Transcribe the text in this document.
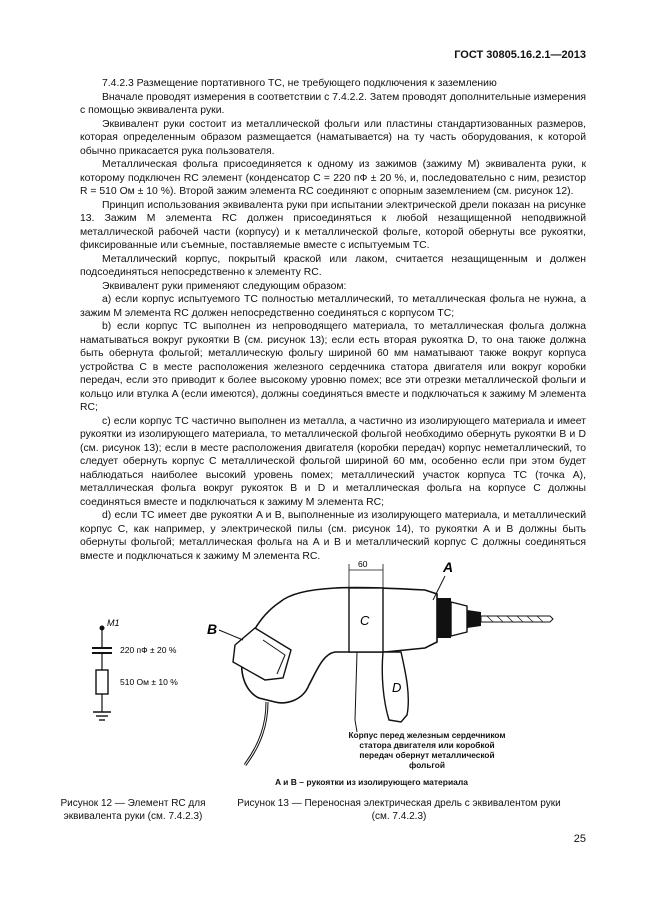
ГОСТ 30805.16.2.1—2013

7.4.2.3 Размещение портативного ТС, не требующего подключения к заземлению

Вначале проводят измерения в соответствии с 7.4.2.2. Затем проводят дополнительные измерения с помощью эквивалента руки.

Эквивалент руки состоит из металлической фольги или пластины стандартизованных размеров, которая определенным образом размещается (наматывается) на ту часть оборудования, к которой обычно прикасается рука пользователя.

Металлическая фольга присоединяется к одному из зажимов (зажиму M) эквивалента руки, к которому подключен RC элемент (конденсатор C = 220 пФ ± 20 %, и, последовательно с ним, резистор R = 510 Ом ± 10 %). Второй зажим элемента RC соединяют с опорным заземлением (см. рисунок 12).

Принцип использования эквивалента руки при испытании электрической дрели показан на рисунке 13. Зажим M элемента RC должен присоединяться к любой незащищенной неподвижной металлической рабочей части (корпусу) и к металлической фольге, которой обернуты все рукоятки, фиксированные или съемные, поставляемые вместе с испытуемым ТС.

Металлический корпус, покрытый краской или лаком, считается незащищенным и должен подсоединяться непосредственно к элементу RC.

Эквивалент руки применяют следующим образом:

a) если корпус испытуемого ТС полностью металлический, то металлическая фольга не нужна, а зажим M элемента RC должен непосредственно соединяться с корпусом ТС;

b) если корпус ТС выполнен из непроводящего материала, то металлическая фольга должна наматываться вокруг рукоятки B (см. рисунок 13); если есть вторая рукоятка D, то она также должна быть обернута фольгой; металлическую фольгу шириной 60 мм наматывают также вокруг корпуса устройства C в месте расположения железного сердечника статора двигателя или вокруг коробки передач, если это приводит к более высокому уровню помех; все эти отрезки металлической фольги и кольцо или втулка A (если имеются), должны соединяться вместе и подключаться к зажиму M элемента RC;

c) если корпус ТС частично выполнен из металла, а частично из изолирующего материала и имеет рукоятки из изолирующего материала, то металлической фольгой необходимо обернуть рукоятки B и D (см. рисунок 13); если в месте расположения двигателя (коробки передач) корпус неметаллический, то следует обернуть корпус C металлической фольгой шириной 60 мм, особенно если при этом будет наблюдаться наиболее высокий уровень помех; металлический участок корпуса ТС (точка A), металлическая фольга вокруг рукояток B и D и металлическая фольга на корпусе C должны соединяться вместе и подключаться к зажиму M элемента RC;

d) если ТС имеет две рукоятки A и B, выполненные из изолирующего материала, и металлический корпус C, как например, у электрической пилы (см. рисунок 14), то рукоятки A и B должны быть обернуты фольгой; металлическая фольга на A и B и металлический корпус C должны соединяться вместе и подключаться к зажиму M элемента RC.

M1
220 пФ ± 20 %
510 Ом ± 10 %
60
C
A
B
D
Корпус перед железным сердечником статора двигателя или коробкой передач обернут металлической фольгой
A и B – рукоятки из изолирующего материала
Рисунок 12 — Элемент RC для эквивалента руки (см. 7.4.2.3)
Рисунок 13 — Переносная электрическая дрель с эквивалентом руки (см. 7.4.2.3)
25
